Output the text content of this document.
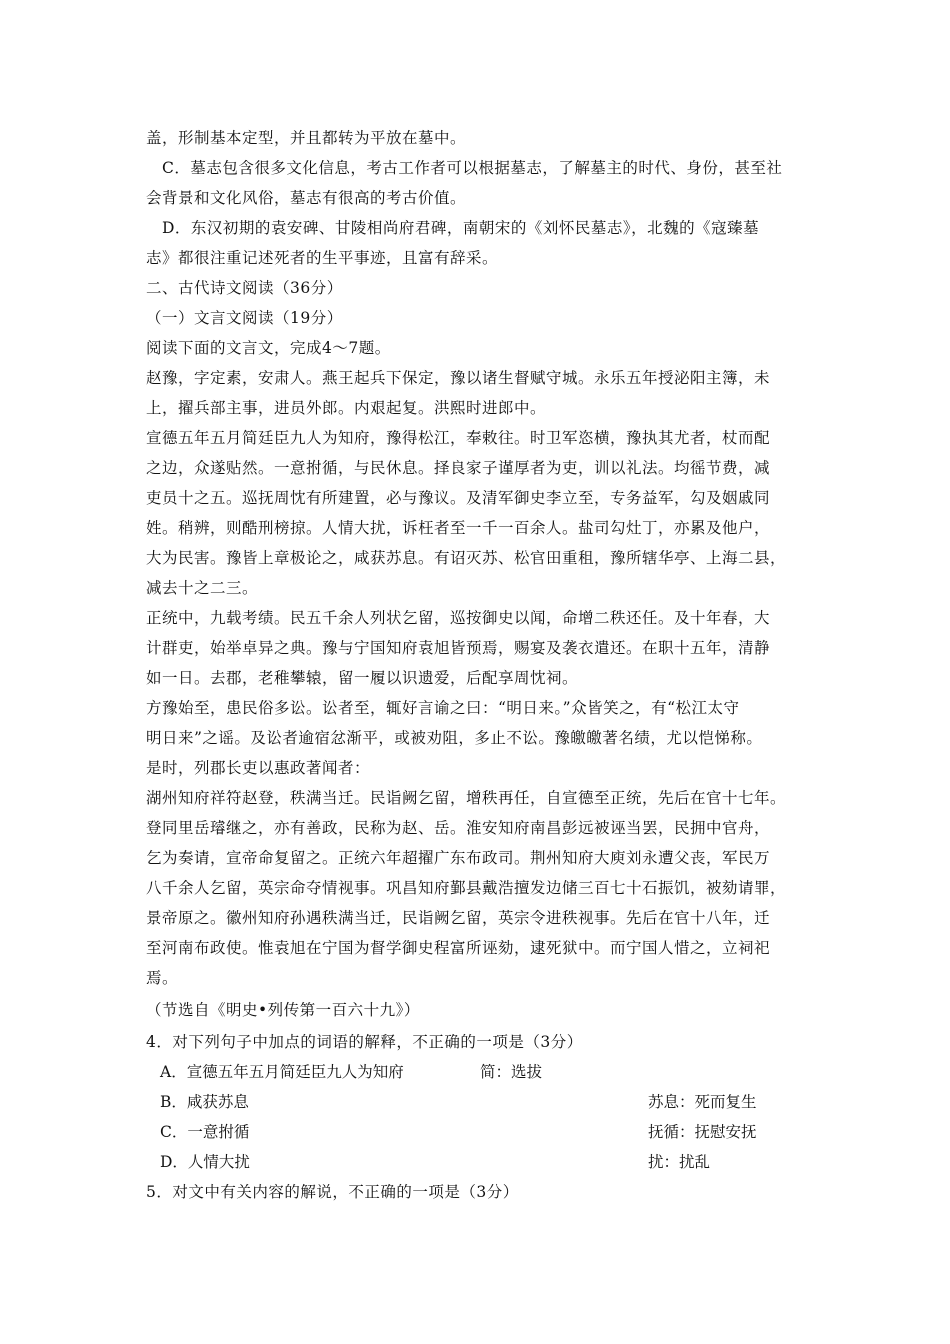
盖，形制基本定型，并且都转为平放在墓中。
C．墓志包含很多文化信息，考古工作者可以根据墓志，了解墓主的时代、身份，甚至社
会背景和文化风俗，墓志有很高的考古价值。
D．东汉初期的袁安碑、甘陵相尚府君碑，南朝宋的《刘怀民墓志》，北魏的《寇臻墓
志》都很注重记述死者的生平事迹，且富有辞采。
二、古代诗文阅读（36分）
（一）文言文阅读（19分）
阅读下面的文言文，完成4～7题。
赵豫，字定素，安肃人。燕王起兵下保定，豫以诸生督赋守城。永乐五年授泌阳主簿，未
上，擢兵部主事，进员外郎。内艰起复。洪熙时进郎中。
宣德五年五月简廷臣九人为知府，豫得松江，奉敕往。时卫军恣横，豫执其尤者，杖而配
之边，众遂贴然。一意拊循，与民休息。择良家子谨厚者为吏，训以礼法。均徭节费，减
吏员十之五。巡抚周忱有所建置，必与豫议。及清军御史李立至，专务益军，勾及姻戚同
姓。稍辨，则酷刑榜掠。人情大扰，诉枉者至一千一百余人。盐司勾灶丁，亦累及他户，
大为民害。豫皆上章极论之，咸获苏息。有诏灭苏、松官田重租，豫所辖华亭、上海二县，
减去十之二三。
正统中，九载考绩。民五千余人列状乞留，巡按御史以闻，命增二秩还任。及十年春，大
计群吏，始举卓异之典。豫与宁国知府袁旭皆预焉，赐宴及袭衣遣还。在职十五年，清静
如一日。去郡，老稚攀辕，留一履以识遗爱，后配享周忱祠。
方豫始至，患民俗多讼。讼者至，辄好言谕之曰：“明日来。”众皆笑之，有“松江太守
明日来”之谣。及讼者逾宿忿渐平，或被劝阻，多止不讼。豫皦皦著名绩，尤以恺悌称。
是时，列郡长吏以惠政著闻者：
湖州知府祥符赵登，秩满当迁。民诣阙乞留，增秩再任，自宣德至正统，先后在官十七年。
登同里岳璿继之，亦有善政，民称为赵、岳。淮安知府南昌彭远被诬当罢，民拥中官舟，
乞为奏请，宣帝命复留之。正统六年超擢广东布政司。荆州知府大庾刘永遭父丧，军民万
八千余人乞留，英宗命夺情视事。巩昌知府鄞县戴浩擅发边储三百七十石振饥，被劾请罪，
景帝原之。徽州知府孙遇秩满当迁，民诣阙乞留，英宗令进秩视事。先后在官十八年，迁
至河南布政使。惟袁旭在宁国为督学御史程富所诬劾，逮死狱中。而宁国人惜之，立祠祀
焉。
（节选自《明史•列传第一百六十九》）
4．对下列句子中加点的词语的解释，不正确的一项是（3分）
A．宣德五年五月简廷臣九人为知府	简：选拔
B．咸获苏息	苏息：死而复生
C．一意拊循	抚循：抚慰安抚
D．人情大扰	扰：扰乱
5．对文中有关内容的解说，不正确的一项是（3分）
